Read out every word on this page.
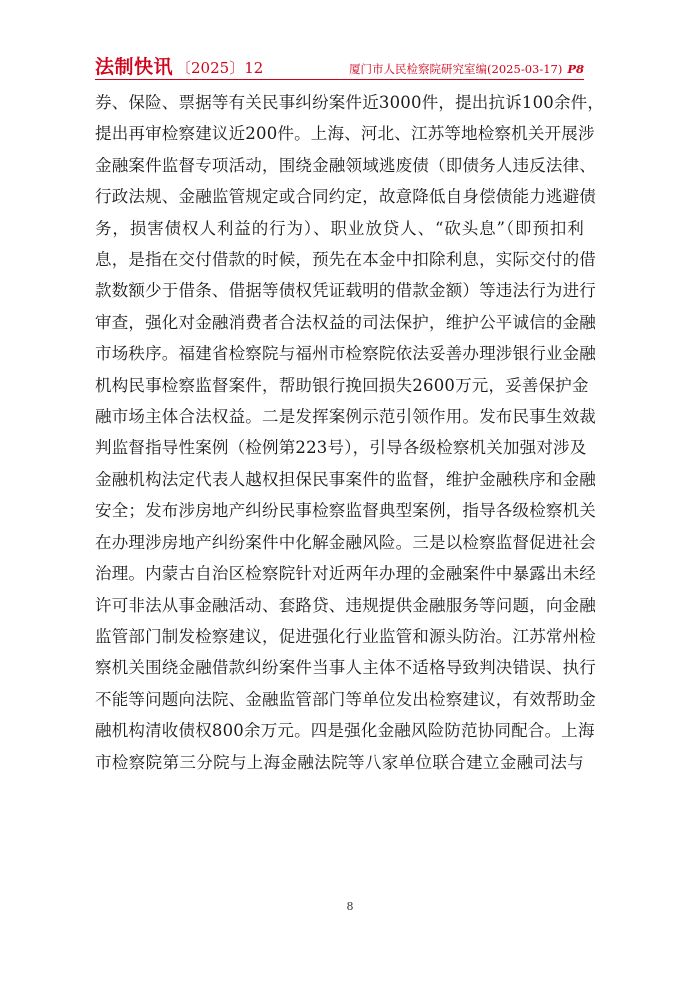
法制快讯 〔2025〕12	厦门市人民检察院研究室编(2025-03-17) P8
券、保险、票据等有关民事纠纷案件近3000件，提出抗诉100余件，
提出再审检察建议近200件。上海、河北、江苏等地检察机关开展涉
金融案件监督专项活动，围绕金融领域逃废债（即债务人违反法律、
行政法规、金融监管规定或合同约定，故意降低自身偿债能力逃避债
务，损害债权人利益的行为）、职业放贷人、“砍头息”（即预扣利
息，是指在交付借款的时候，预先在本金中扣除利息，实际交付的借
款数额少于借条、借据等债权凭证载明的借款金额）等违法行为进行
审查，强化对金融消费者合法权益的司法保护，维护公平诚信的金融
市场秩序。福建省检察院与福州市检察院依法妥善办理涉银行业金融
机构民事检察监督案件，帮助银行挽回损失2600万元，妥善保护金
融市场主体合法权益。二是发挥案例示范引领作用。发布民事生效裁
判监督指导性案例（检例第223号），引导各级检察机关加强对涉及
金融机构法定代表人越权担保民事案件的监督，维护金融秩序和金融
安全；发布涉房地产纠纷民事检察监督典型案例，指导各级检察机关
在办理涉房地产纠纷案件中化解金融风险。三是以检察监督促进社会
治理。内蒙古自治区检察院针对近两年办理的金融案件中暴露出未经
许可非法从事金融活动、套路贷、违规提供金融服务等问题，向金融
监管部门制发检察建议，促进强化行业监管和源头防治。江苏常州检
察机关围绕金融借款纠纷案件当事人主体不适格导致判决错误、执行
不能等问题向法院、金融监管部门等单位发出检察建议，有效帮助金
融机构清收债权800余万元。四是强化金融风险防范协同配合。上海
市检察院第三分院与上海金融法院等八家单位联合建立金融司法与
8
